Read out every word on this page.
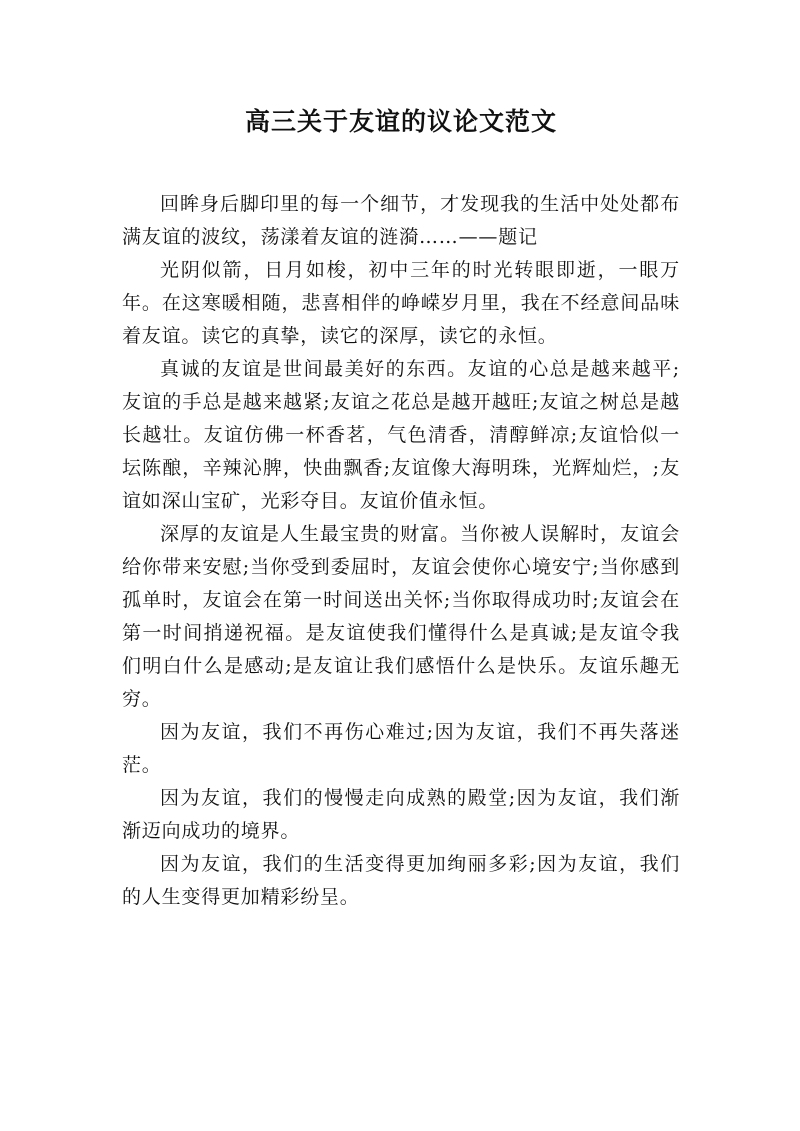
高三关于友谊的议论文范文

回眸身后脚印里的每一个细节，才发现我的生活中处处都布满友谊的波纹，荡漾着友谊的涟漪……——题记

光阴似箭，日月如梭，初中三年的时光转眼即逝，一眼万年。在这寒暖相随，悲喜相伴的峥嵘岁月里，我在不经意间品味着友谊。读它的真挚，读它的深厚，读它的永恒。

真诚的友谊是世间最美好的东西。友谊的心总是越来越平;友谊的手总是越来越紧;友谊之花总是越开越旺;友谊之树总是越长越壮。友谊仿佛一杯香茗，气色清香，清醇鲜凉;友谊恰似一坛陈酿，辛辣沁脾，快曲飘香;友谊像大海明珠，光辉灿烂，;友谊如深山宝矿，光彩夺目。友谊价值永恒。

深厚的友谊是人生最宝贵的财富。当你被人误解时，友谊会给你带来安慰;当你受到委屈时，友谊会使你心境安宁;当你感到孤单时，友谊会在第一时间送出关怀;当你取得成功时;友谊会在第一时间捎递祝福。是友谊使我们懂得什么是真诚;是友谊令我们明白什么是感动;是友谊让我们感悟什么是快乐。友谊乐趣无穷。

因为友谊，我们不再伤心难过;因为友谊，我们不再失落迷茫。

因为友谊，我们的慢慢走向成熟的殿堂;因为友谊，我们渐渐迈向成功的境界。

因为友谊，我们的生活变得更加绚丽多彩;因为友谊，我们的人生变得更加精彩纷呈。
